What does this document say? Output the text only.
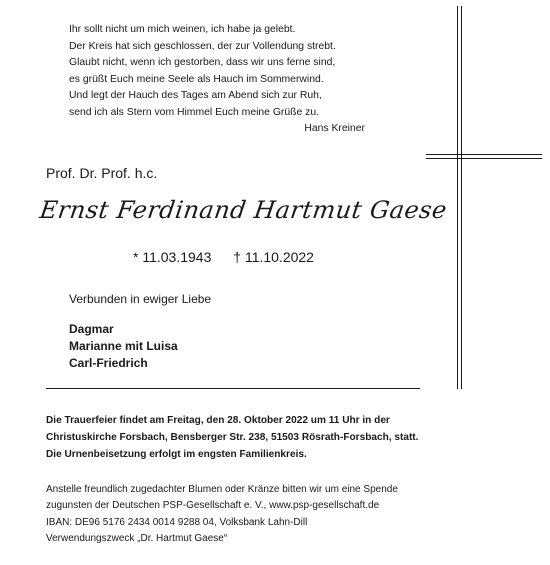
Ihr sollt nicht um mich weinen, ich habe ja gelebt.
Der Kreis hat sich geschlossen, der zur Vollendung strebt.
Glaubt nicht, wenn ich gestorben, dass wir uns ferne sind,
es grüßt Euch meine Seele als Hauch im Sommerwind.
Und legt der Hauch des Tages am Abend sich zur Ruh,
send ich als Stern vom Himmel Euch meine Grüße zu.
Hans Kreiner
Prof. Dr. Prof. h.c.
Ernst Ferdinand Hartmut Gaese
* 11.03.1943 † 11.10.2022
Verbunden in ewiger Liebe
Dagmar
Marianne mit Luisa
Carl-Friedrich
Die Trauerfeier findet am Freitag, den 28. Oktober 2022 um 11 Uhr in der
Christuskirche Forsbach, Bensberger Str. 238, 51503 Rösrath-Forsbach, statt.
Die Urnenbeisetzung erfolgt im engsten Familienkreis.
Anstelle freundlich zugedachter Blumen oder Kränze bitten wir um eine Spende
zugunsten der Deutschen PSP-Gesellschaft e. V., www.psp-gesellschaft.de
IBAN: DE96 5176 2434 0014 9288 04, Volksbank Lahn-Dill
Verwendungszweck „Dr. Hartmut Gaese“
